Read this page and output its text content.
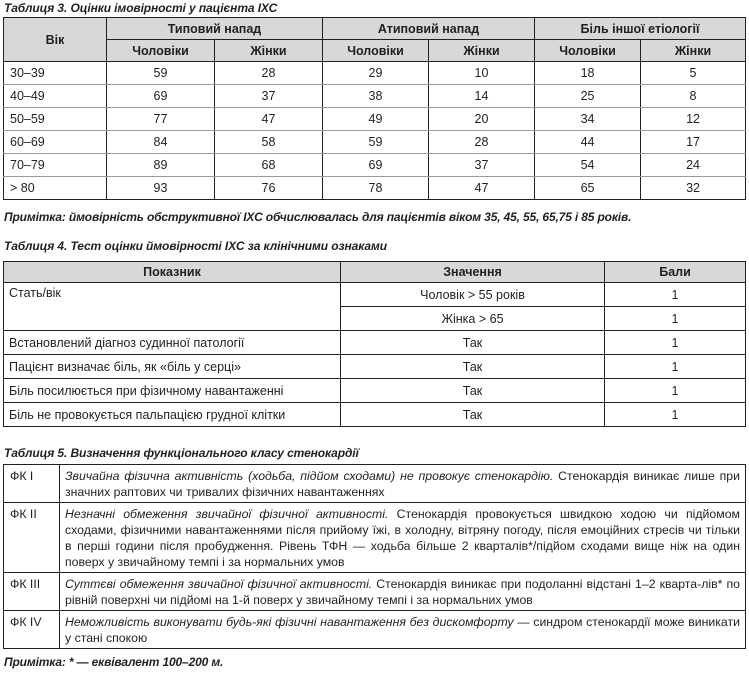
Таблиця 3. Оцінки імовірності у пацієнта ІХС
Вік	Типовий напад		Атиповий напад		Біль іншої етіології	
	Чоловіки	Жінки	Чоловіки	Жінки	Чоловіки	Жінки
30–39	59	28	29	10	18	5
40–49	69	37	38	14	25	8
50–59	77	47	49	20	34	12
60–69	84	58	59	28	44	17
70–79	89	68	69	37	54	24
> 80	93	76	78	47	65	32
Примітка: ймовірність обструктивної ІХС обчислювалась для пацієнтів віком 35, 45, 55, 65,75 і 85 років.
Таблиця 4. Тест оцінки ймовірності ІХС за клінічними ознаками
Показник	Значення	Бали
Стать/вік	Чоловік > 55 років	1
	Жінка > 65	1
Встановлений діагноз судинної патології	Так	1
Пацієнт визначає біль, як «біль у серці»	Так	1
Біль посилюється при фізичному навантаженні	Так	1
Біль не провокується пальпацією грудної клітки	Так	1
Таблиця 5. Визначення функціонального класу стенокардії
ФК I	Звичайна фізична активність (ходьба, підйом сходами) не провокує стенокардію. Стенокардія виникає лише при значних раптових чи тривалих фізичних навантаженнях
ФК II	Незначні обмеження звичайної фізичної активності. Стенокардія провокується швидкою ходою чи підйомом сходами, фізичними навантаженнями після прийому їжі, в холодну, вітряну погоду, після емоційних стресів чи тільки в перші години після пробудження. Рівень ТФН — ходьба більше 2 кварталів*/підйом сходами вище ніж на один поверх у звичайному темпі і за нормальних умов
ФК III	Суттєві обмеження звичайної фізичної активності. Стенокардія виникає при подоланні відстані 1–2 кварта-лів* по рівній поверхні чи підйомі на 1-й поверх у звичайному темпі і за нормальних умов
ФК IV	Неможливість виконувати будь-які фізичні навантаження без дискомфорту — синдром стенокардії може виникати у стані спокою
Примітка: * — еквівалент 100–200 м.
